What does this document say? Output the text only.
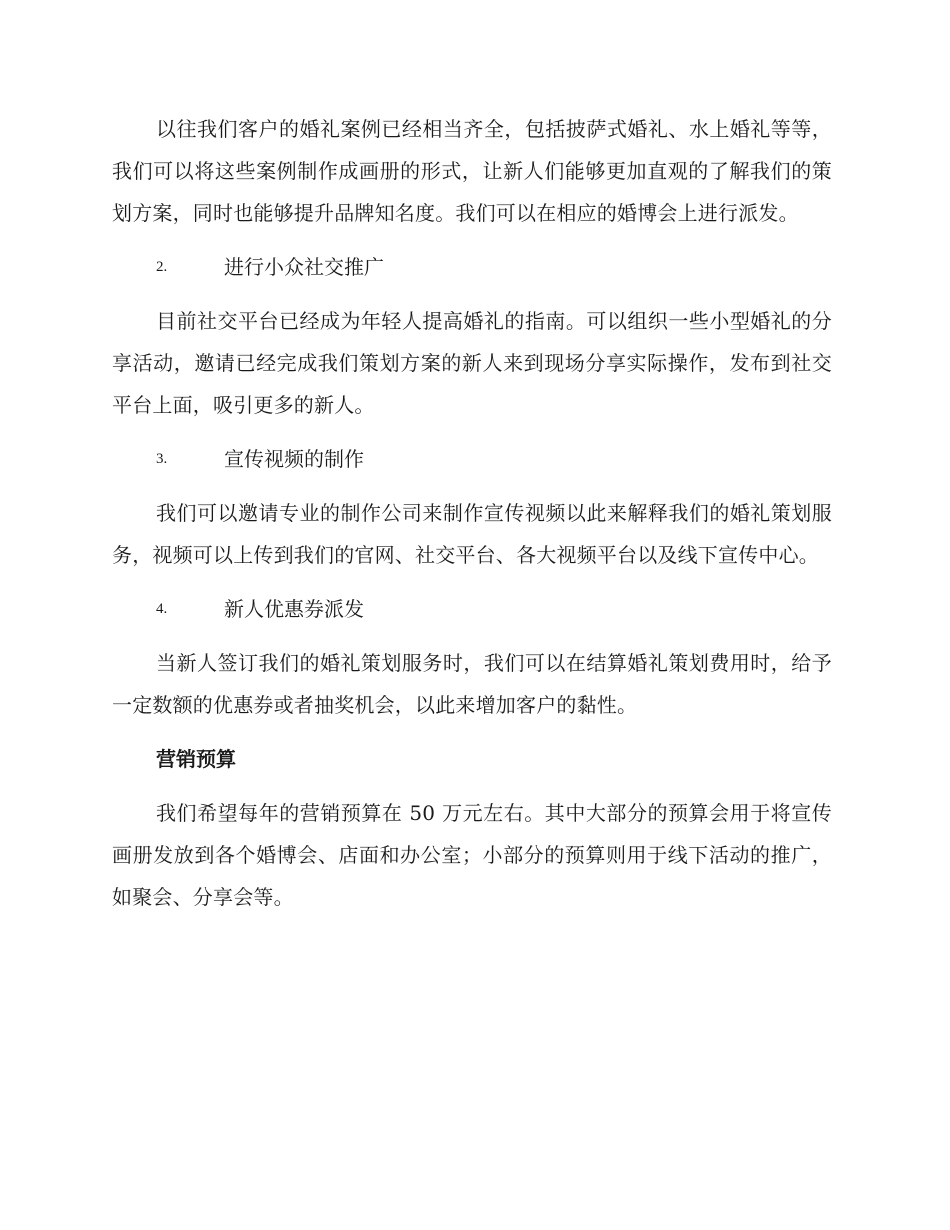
以往我们客户的婚礼案例已经相当齐全，包括披萨式婚礼、水上婚礼等等，我们可以将这些案例制作成画册的形式，让新人们能够更加直观的了解我们的策划方案，同时也能够提升品牌知名度。我们可以在相应的婚博会上进行派发。

2.	进行小众社交推广

目前社交平台已经成为年轻人提高婚礼的指南。可以组织一些小型婚礼的分享活动，邀请已经完成我们策划方案的新人来到现场分享实际操作，发布到社交平台上面，吸引更多的新人。

3.	宣传视频的制作

我们可以邀请专业的制作公司来制作宣传视频以此来解释我们的婚礼策划服务，视频可以上传到我们的官网、社交平台、各大视频平台以及线下宣传中心。

4.	新人优惠券派发

当新人签订我们的婚礼策划服务时，我们可以在结算婚礼策划费用时，给予一定数额的优惠券或者抽奖机会，以此来增加客户的黏性。

营销预算

我们希望每年的营销预算在 50 万元左右。其中大部分的预算会用于将宣传画册发放到各个婚博会、店面和办公室；小部分的预算则用于线下活动的推广，如聚会、分享会等。
